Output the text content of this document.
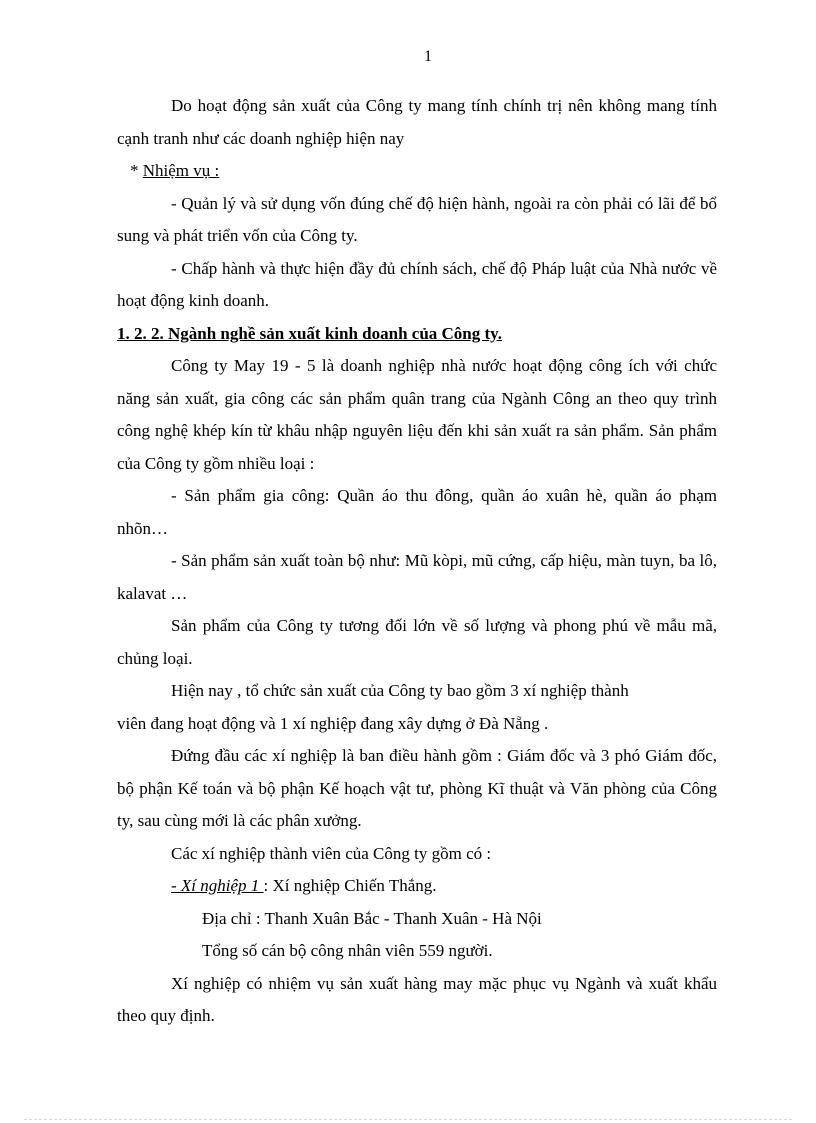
1

Do hoạt động sản xuất của Công ty mang tính chính trị nên không mang tính cạnh tranh như các doanh nghiệp hiện nay

* Nhiệm vụ :

- Quản lý và sử dụng vốn đúng chế độ hiện hành, ngoài ra còn phải có lãi để bổ sung và phát triển vốn của Công ty.

- Chấp hành và thực hiện đầy đủ chính sách, chế độ Pháp luật của Nhà nước về hoạt động kinh doanh.

1. 2. 2. Ngành nghề sản xuất kinh doanh của Công ty.

Công ty May 19 - 5 là doanh nghiệp nhà nước hoạt động công ích với chức năng sản xuất, gia công các sản phẩm quân trang của Ngành Công an theo quy trình công nghệ khép kín từ khâu nhập nguyên liệu đến khi sản xuất ra sản phẩm. Sản phẩm của Công ty gồm nhiều loại :

- Sản phẩm gia công: Quần áo thu đông, quần áo xuân hè, quần áo phạm nhõn…

- Sản phẩm sản xuất toàn bộ như: Mũ kòpi, mũ cứng, cấp hiệu, màn tuyn, ba lô, kalavat …

Sản phẩm của Công ty tương đối lớn về số lượng và phong phú về mẫu mã, chủng loại.

Hiện nay , tổ chức sản xuất của Công ty bao gồm 3 xí nghiệp thành

viên đang hoạt động và 1 xí nghiệp đang xây dựng ở Đà Nẵng .

Đứng đầu các xí nghiệp là ban điều hành gồm : Giám đốc và 3 phó Giám đốc, bộ phận Kế toán và bộ phận Kế hoạch vật tư, phòng Kĩ thuật và Văn phòng của Công ty, sau cùng mới là các phân xưởng.

Các xí nghiệp thành viên của Công ty gồm có :

- Xí nghiệp 1 : Xí nghiệp Chiến Thắng.

Địa chỉ : Thanh Xuân Bắc - Thanh Xuân - Hà Nội

Tổng số cán bộ công nhân viên 559 người.

Xí nghiệp có nhiệm vụ sản xuất hàng may mặc phục vụ Ngành và xuất khẩu theo quy định.
